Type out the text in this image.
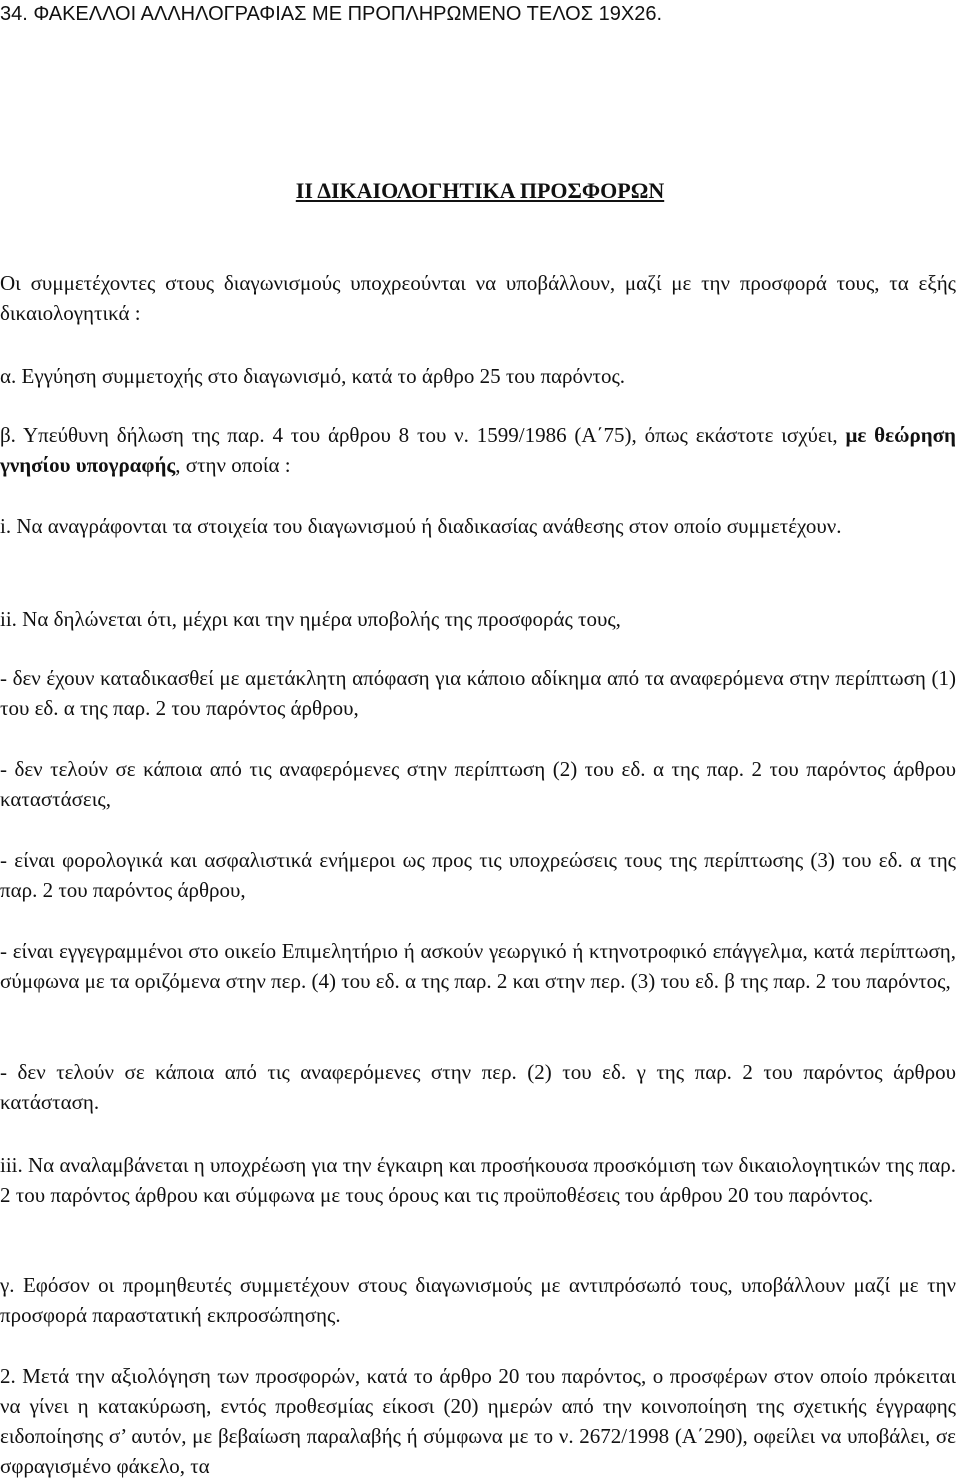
34. ΦΑΚΕΛΛΟΙ ΑΛΛΗΛΟΓΡΑΦΙΑΣ ΜΕ ΠΡΟΠΛΗΡΩΜΕΝΟ ΤΕΛΟΣ 19Χ26.
ΙΙ ΔΙΚΑΙΟΛΟΓΗΤΙΚΑ ΠΡΟΣΦΟΡΩΝ
Οι συμμετέχοντες στους διαγωνισμούς υποχρεούνται να υποβάλλουν, μαζί με την προσφορά τους, τα εξής δικαιολογητικά :
α. Εγγύηση συμμετοχής στο διαγωνισμό, κατά το άρθρο 25 του παρόντος.
β. Υπεύθυνη δήλωση της παρ. 4 του άρθρου 8 του ν. 1599/1986 (Α΄75), όπως εκάστοτε ισχύει, με θεώρηση γνησίου υπογραφής, στην οποία :
i. Να αναγράφονται τα στοιχεία του διαγωνισμού ή διαδικασίας ανάθεσης στον οποίο συμμετέχουν.
ii. Να δηλώνεται ότι, μέχρι και την ημέρα υποβολής της προσφοράς τους,
- δεν έχουν καταδικασθεί με αμετάκλητη απόφαση για κάποιο αδίκημα από τα αναφερόμενα στην περίπτωση (1) του εδ. α της παρ. 2 του παρόντος άρθρου,
- δεν τελούν σε κάποια από τις αναφερόμενες στην περίπτωση (2) του εδ. α της παρ. 2 του παρόντος άρθρου καταστάσεις,
- είναι φορολογικά και ασφαλιστικά ενήμεροι ως προς τις υποχρεώσεις τους της περίπτωσης (3) του εδ. α της παρ. 2 του παρόντος άρθρου,
- είναι εγγεγραμμένοι στο οικείο Επιμελητήριο ή ασκούν γεωργικό ή κτηνοτροφικό επάγγελμα, κατά περίπτωση, σύμφωνα με τα οριζόμενα στην περ. (4) του εδ. α της παρ. 2 και στην περ. (3) του εδ. β της παρ. 2 του παρόντος,
- δεν τελούν σε κάποια από τις αναφερόμενες στην περ. (2) του εδ. γ της παρ. 2 του παρόντος άρθρου κατάσταση.
iii. Να αναλαμβάνεται η υποχρέωση για την έγκαιρη και προσήκουσα προσκόμιση των δικαιολογητικών της παρ. 2 του παρόντος άρθρου και σύμφωνα με τους όρους και τις προϋποθέσεις του άρθρου 20 του παρόντος.
γ. Εφόσον οι προμηθευτές συμμετέχουν στους διαγωνισμούς με αντιπρόσωπό τους, υποβάλλουν μαζί με την προσφορά παραστατική εκπροσώπησης.
2. Μετά την αξιολόγηση των προσφορών, κατά το άρθρο 20 του παρόντος, ο προσφέρων στον οποίο πρόκειται να γίνει η κατακύρωση, εντός προθεσμίας είκοσι (20) ημερών από την κοινοποίηση της σχετικής έγγραφης ειδοποίησης σ’ αυτόν, με βεβαίωση παραλαβής ή σύμφωνα με το ν. 2672/1998 (Α΄290), οφείλει να υποβάλει, σε σφραγισμένο φάκελο, τα
